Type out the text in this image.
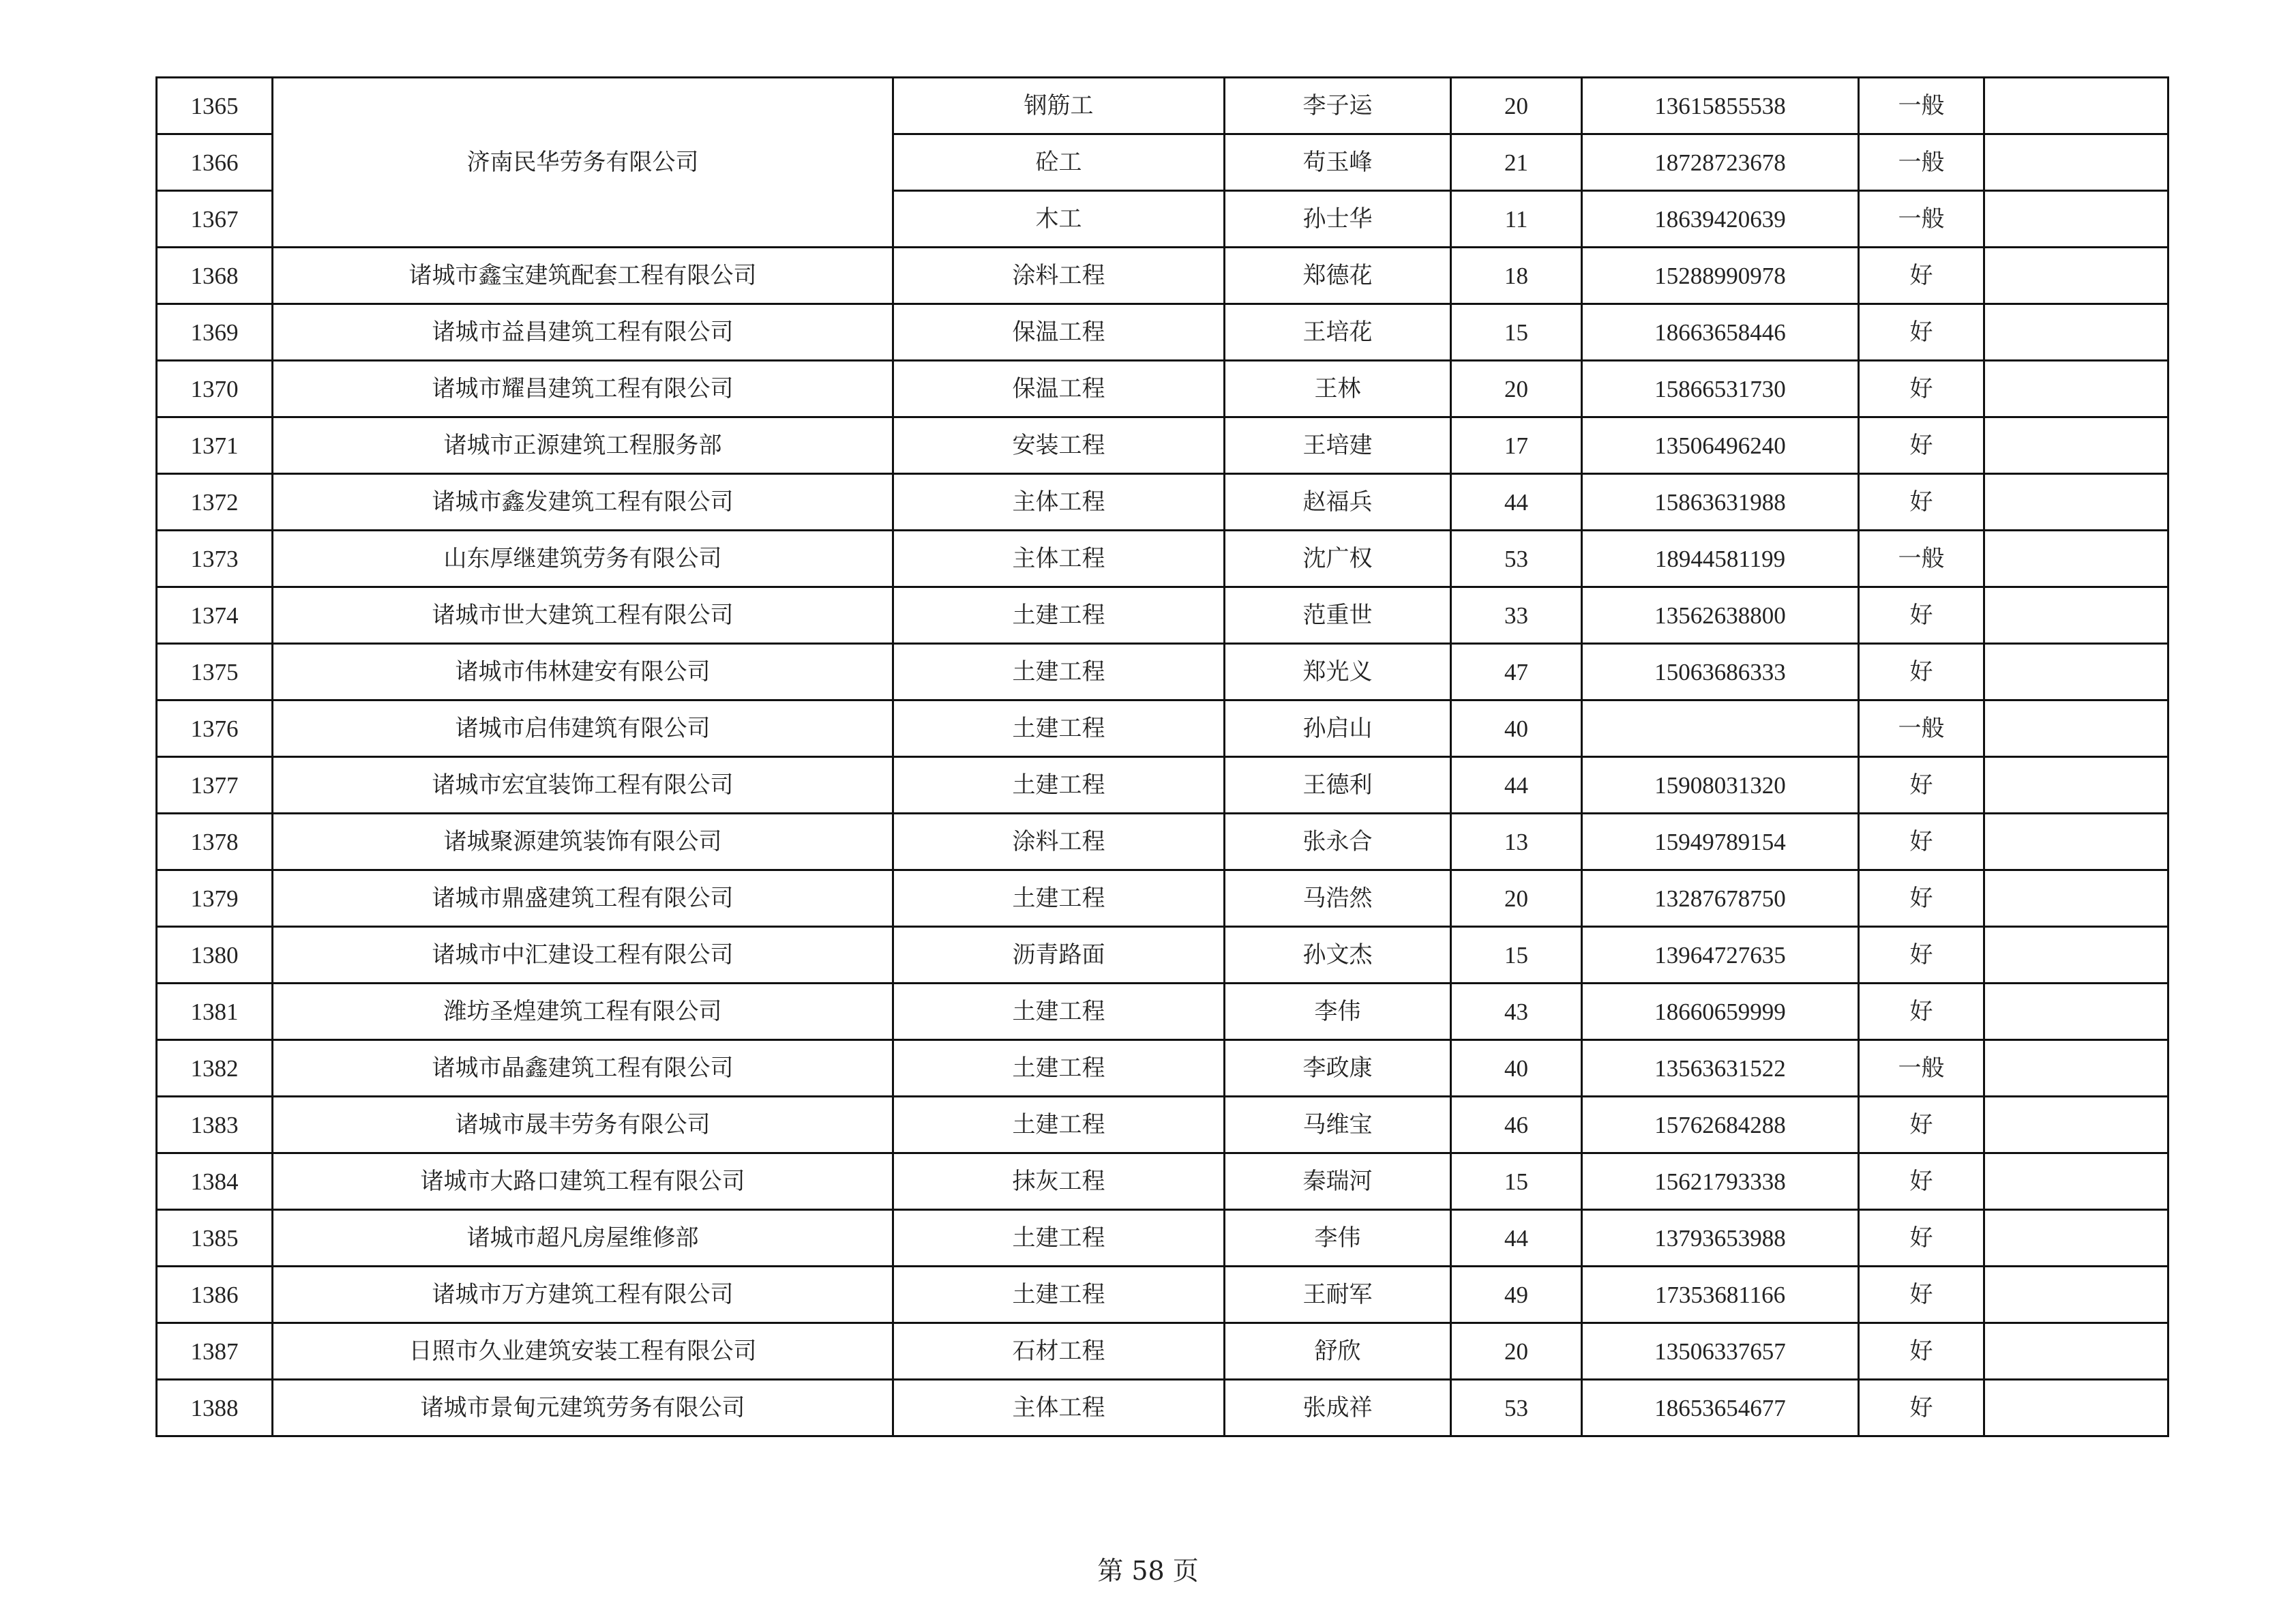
1365	济南民华劳务有限公司	钢筋工	李子运	20	13615855538	一般	
1366		砼工	苟玉峰	21	18728723678	一般	
1367		木工	孙士华	11	18639420639	一般	
1368	诸城市鑫宝建筑配套工程有限公司	涂料工程	郑德花	18	15288990978	好	
1369	诸城市益昌建筑工程有限公司	保温工程	王培花	15	18663658446	好	
1370	诸城市耀昌建筑工程有限公司	保温工程	王林	20	15866531730	好	
1371	诸城市正源建筑工程服务部	安装工程	王培建	17	13506496240	好	
1372	诸城市鑫发建筑工程有限公司	主体工程	赵福兵	44	15863631988	好	
1373	山东厚继建筑劳务有限公司	主体工程	沈广权	53	18944581199	一般	
1374	诸城市世大建筑工程有限公司	土建工程	范重世	33	13562638800	好	
1375	诸城市伟林建安有限公司	土建工程	郑光义	47	15063686333	好	
1376	诸城市启伟建筑有限公司	土建工程	孙启山	40		一般	
1377	诸城市宏宜装饰工程有限公司	土建工程	王德利	44	15908031320	好	
1378	诸城聚源建筑装饰有限公司	涂料工程	张永合	13	15949789154	好	
1379	诸城市鼎盛建筑工程有限公司	土建工程	马浩然	20	13287678750	好	
1380	诸城市中汇建设工程有限公司	沥青路面	孙文杰	15	13964727635	好	
1381	潍坊圣煌建筑工程有限公司	土建工程	李伟	43	18660659999	好	
1382	诸城市晶鑫建筑工程有限公司	土建工程	李政康	40	13563631522	一般	
1383	诸城市晟丰劳务有限公司	土建工程	马维宝	46	15762684288	好	
1384	诸城市大路口建筑工程有限公司	抹灰工程	秦瑞河	15	15621793338	好	
1385	诸城市超凡房屋维修部	土建工程	李伟	44	13793653988	好	
1386	诸城市万方建筑工程有限公司	土建工程	王耐军	49	17353681166	好	
1387	日照市久业建筑安装工程有限公司	石材工程	舒欣	20	13506337657	好	
1388	诸城市景甸元建筑劳务有限公司	主体工程	张成祥	53	18653654677	好	
第 58 页
